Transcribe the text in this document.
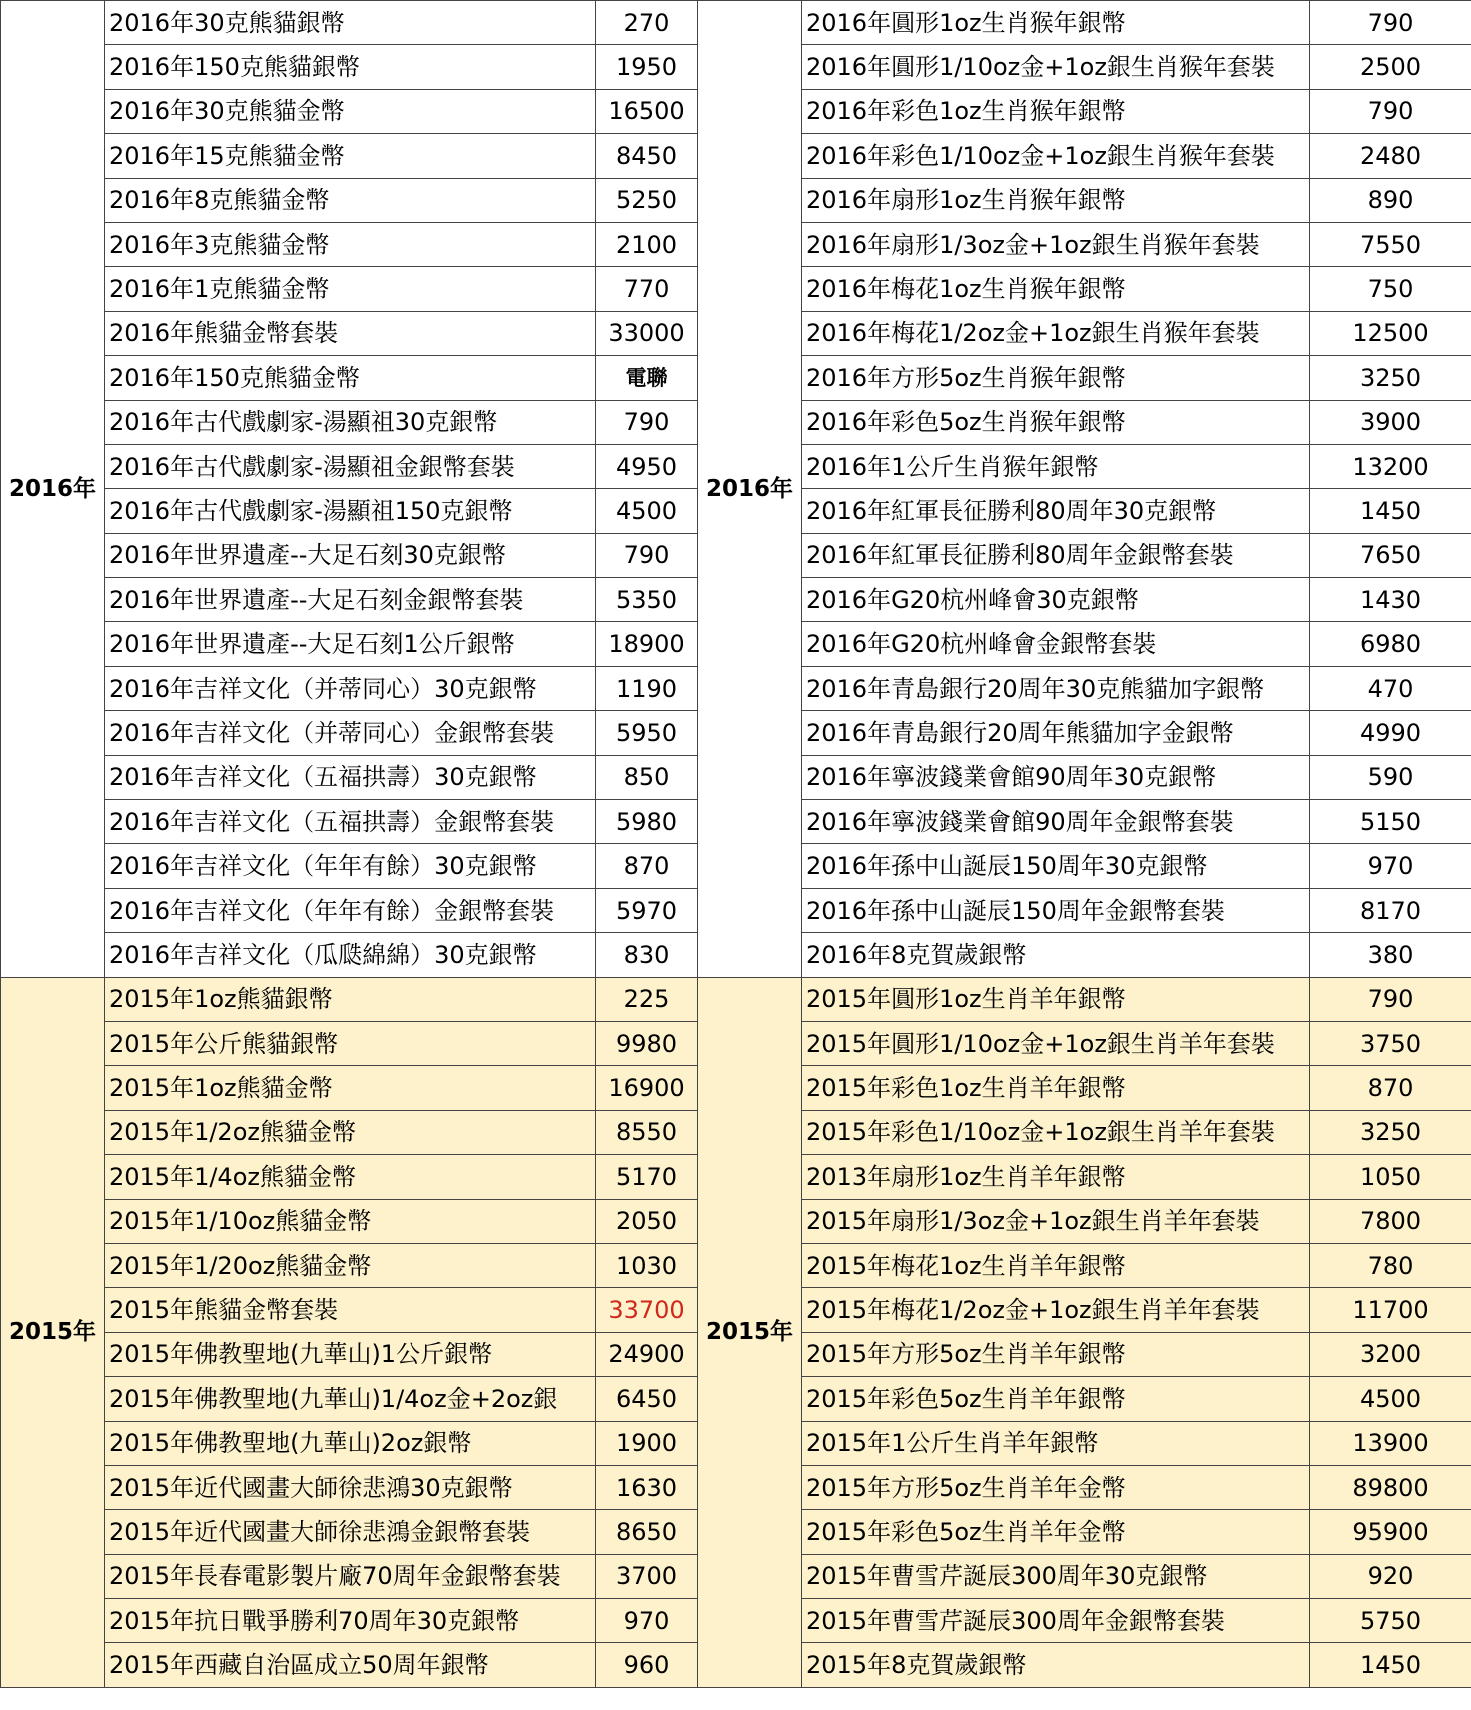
2016年	2016年30克熊貓銀幣	270	2016年	2016年圓形1oz生肖猴年銀幣	790
	2016年150克熊貓銀幣	1950		2016年圓形1/10oz金+1oz銀生肖猴年套裝	2500
	2016年30克熊貓金幣	16500		2016年彩色1oz生肖猴年銀幣	790
	2016年15克熊貓金幣	8450		2016年彩色1/10oz金+1oz銀生肖猴年套裝	2480
	2016年8克熊貓金幣	5250		2016年扇形1oz生肖猴年銀幣	890
	2016年3克熊貓金幣	2100		2016年扇形1/3oz金+1oz銀生肖猴年套裝	7550
	2016年1克熊貓金幣	770		2016年梅花1oz生肖猴年銀幣	750
	2016年熊貓金幣套裝	33000		2016年梅花1/2oz金+1oz銀生肖猴年套裝	12500
	2016年150克熊貓金幣	電聯		2016年方形5oz生肖猴年銀幣	3250
	2016年古代戲劇家-湯顯祖30克銀幣	790		2016年彩色5oz生肖猴年銀幣	3900
	2016年古代戲劇家-湯顯祖金銀幣套裝	4950		2016年1公斤生肖猴年銀幣	13200
	2016年古代戲劇家-湯顯祖150克銀幣	4500		2016年紅軍長征勝利80周年30克銀幣	1450
	2016年世界遺產--大足石刻30克銀幣	790		2016年紅軍長征勝利80周年金銀幣套裝	7650
	2016年世界遺產--大足石刻金銀幣套裝	5350		2016年G20杭州峰會30克銀幣	1430
	2016年世界遺產--大足石刻1公斤銀幣	18900		2016年G20杭州峰會金銀幣套裝	6980
	2016年吉祥文化（并蒂同心）30克銀幣	1190		2016年青島銀行20周年30克熊貓加字銀幣	470
	2016年吉祥文化（并蒂同心）金銀幣套裝	5950		2016年青島銀行20周年熊貓加字金銀幣	4990
	2016年吉祥文化（五福拱壽）30克銀幣	850		2016年寧波錢業會館90周年30克銀幣	590
	2016年吉祥文化（五福拱壽）金銀幣套裝	5980		2016年寧波錢業會館90周年金銀幣套裝	5150
	2016年吉祥文化（年年有餘）30克銀幣	870		2016年孫中山誕辰150周年30克銀幣	970
	2016年吉祥文化（年年有餘）金銀幣套裝	5970		2016年孫中山誕辰150周年金銀幣套裝	8170
	2016年吉祥文化（瓜瓞綿綿）30克銀幣	830		2016年8克賀歲銀幣	380
2015年	2015年1oz熊貓銀幣	225	2015年	2015年圓形1oz生肖羊年銀幣	790
	2015年公斤熊貓銀幣	9980		2015年圓形1/10oz金+1oz銀生肖羊年套裝	3750
	2015年1oz熊貓金幣	16900		2015年彩色1oz生肖羊年銀幣	870
	2015年1/2oz熊貓金幣	8550		2015年彩色1/10oz金+1oz銀生肖羊年套裝	3250
	2015年1/4oz熊貓金幣	5170		2013年扇形1oz生肖羊年銀幣	1050
	2015年1/10oz熊貓金幣	2050		2015年扇形1/3oz金+1oz銀生肖羊年套裝	7800
	2015年1/20oz熊貓金幣	1030		2015年梅花1oz生肖羊年銀幣	780
	2015年熊貓金幣套裝	33700		2015年梅花1/2oz金+1oz銀生肖羊年套裝	11700
	2015年佛教聖地(九華山)1公斤銀幣	24900		2015年方形5oz生肖羊年銀幣	3200
	2015年佛教聖地(九華山)1/4oz金+2oz銀	6450		2015年彩色5oz生肖羊年銀幣	4500
	2015年佛教聖地(九華山)2oz銀幣	1900		2015年1公斤生肖羊年銀幣	13900
	2015年近代國畫大師徐悲鴻30克銀幣	1630		2015年方形5oz生肖羊年金幣	89800
	2015年近代國畫大師徐悲鴻金銀幣套裝	8650		2015年彩色5oz生肖羊年金幣	95900
	2015年長春電影製片廠70周年金銀幣套裝	3700		2015年曹雪芹誕辰300周年30克銀幣	920
	2015年抗日戰爭勝利70周年30克銀幣	970		2015年曹雪芹誕辰300周年金銀幣套裝	5750
	2015年西藏自治區成立50周年銀幣	960		2015年8克賀歲銀幣	1450
